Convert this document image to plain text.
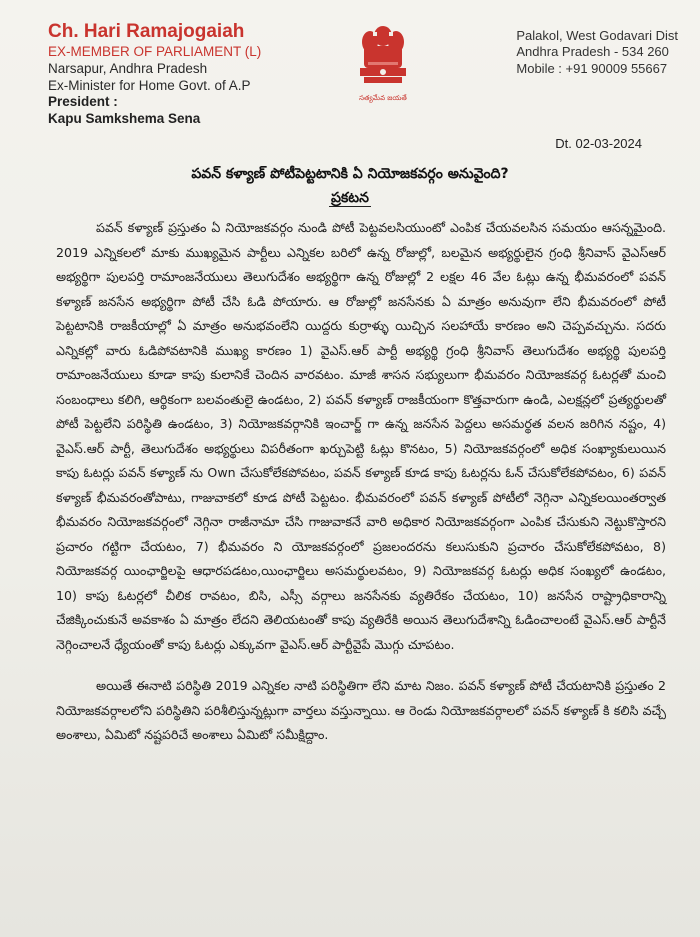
Ch. Hari Ramajogaiah
EX-MEMBER OF PARLIAMENT (L)
Narsapur, Andhra Pradesh
Ex-Minister for Home Govt. of A.P
President :
Kapu Samkshema Sena
సత్యమేవ జయతే
Palakol, West Godavari Dist
Andhra Pradesh - 534 260
Mobile : +91 90009 55667
Dt. 02-03-2024
పవన్ కళ్యాణ్ పోటీపెట్టటానికి ఏ నియోజకవర్గం అనువైంది?
ప్రకటన

పవన్ కళ్యాణ్ ప్రస్తుతం ఏ నియోజకవర్గం నుండి పోటీ పెట్టవలసియుంటో ఎంపిక చేయవలసిన సమయం ఆసన్నమైంది. 2019 ఎన్నికలలో మాకు ముఖ్యమైన పార్టీలు ఎన్నికల బరిలో ఉన్న రోజుల్లో, బలమైన అభ్యర్థులైన గ్రంధి శ్రీనివాస్ వైఎస్ఆర్ అభ్యర్థిగా పులపర్తి రామాంజనేయులు తెలుగుదేశం అభ్యర్థిగా ఉన్న రోజుల్లో 2 లక్షల 46 వేల ఓట్లు ఉన్న భీమవరంలో పవన్ కళ్యాణ్ జనసేన అభ్యర్థిగా పోటీ చేసి ఓడి పోయారు. ఆ రోజుల్లో జనసేనకు ఏ మాత్రం అనువుగా లేని భీమవరంలో పోటీ పెట్టటానికి రాజకీయాల్లో ఏ మాత్రం అనుభవంలేని యిద్దరు కుర్రాళ్ళు యిచ్చిన సలహాయే కారణం అని చెప్పవచ్చును. సదరు ఎన్నికల్లో వారు ఓడిపోవటానికి ముఖ్య కారణం 1) వైఎస్.ఆర్ పార్టీ అభ్యర్థి గ్రంధి శ్రీనివాస్ తెలుగుదేశం అభ్యర్థి పులపర్తి రామాంజనేయులు కూడా కాపు కులానికే చెందిన వారవటం. మాజీ శాసన సభ్యులుగా భీమవరం నియోజకవర్గ ఓటర్లతో మంచి సంబంధాలు కలిగి, ఆర్థికంగా బలవంతులై ఉండటం, 2) పవన్ కళ్యాణ్ రాజకీయంగా కొత్తవారుగా ఉండి, ఎలక్షన్లలో ప్రత్యర్థులతో పోటీ పెట్టలేని పరిస్థితి ఉండటం, 3) నియోజకవర్గానికి ఇంచార్జ్ గా ఉన్న జనసేన పెద్దలు అసమర్థత వలన జరిగిన నష్టం, 4) వైఎస్.ఆర్ పార్టీ, తెలుగుదేశం అభ్యర్థులు విపరీతంగా ఖర్చుపెట్టి ఓట్లు కొనటం, 5) నియోజకవర్గంలో అధిక సంఖ్యాకులుయిన కాపు ఓటర్లు పవన్ కళ్యాణ్ ను Own చేసుకోలేకపోవటం, పవన్ కళ్యాణ్ కూడ కాపు ఓటర్లను ఓన్ చేసుకోలేకపోవటం, 6) పవన్ కళ్యాణ్ భీమవరంతోపాటు, గాజువాకలో కూడ పోటీ పెట్టటం. భీమవరంలో పవన్ కళ్యాణ్ పోటీలో నెగ్గినా ఎన్నికలయింతర్వాత భీమవరం నియోజకవర్గంలో నెగ్గినా రాజీనామా చేసి గాజువాకనే వారి అధికార నియోజకవర్గంగా ఎంపిక చేసుకుని నెట్టుకొస్తారని ప్రచారం గట్టిగా చేయటం, 7) భీమవరం ని యోజకవర్గంలో ప్రజలందరను కలుసుకుని ప్రచారం చేసుకోలేకపోవటం, 8) నియోజకవర్గ యింఛార్జిలపై ఆధారపడటం,యింఛార్జిలు అసమర్థులవటం, 9) నియోజకవర్గ ఓటర్లు అధిక సంఖ్యలో ఉండటం, 10) కాపు ఓటర్లలో చీలిక రావటం, బిసి, ఎస్సీ వర్గాలు జనసేనకు వ్యతిరేకం చేయటం, 10) జనసేన రాష్ట్రాధికారాన్ని చేజిక్కించుకునే అవకాశం ఏ మాత్రం లేదని తెలియటంతో కాపు వ్యతిరేకి అయిన తెలుగుదేశాన్ని ఓడించాలంటే వైఎస్.ఆర్ పార్టీనే నెగ్గించాలనే ధ్యేయంతో కాపు ఓటర్లు ఎక్కువగా వైఎస్.ఆర్ పార్టీవైపే మొగ్గు చూపటం.

అయితే ఈనాటి పరిస్థితి 2019 ఎన్నికల నాటి పరిస్థితిగా లేని మాట నిజం. పవన్ కళ్యాణ్ పోటీ చేయటానికి ప్రస్తుతం 2 నియోజకవర్గాలలోని పరిస్థితిని పరిశీలిస్తున్నట్లుగా వార్తలు వస్తున్నాయి. ఆ రెండు నియోజకవర్గాలలో పవన్ కళ్యాణ్ కి కలిసి వచ్చే అంశాలు, ఏమిటో నష్టపరిచే అంశాలు ఏమిటో సమీక్షిద్దాం.
